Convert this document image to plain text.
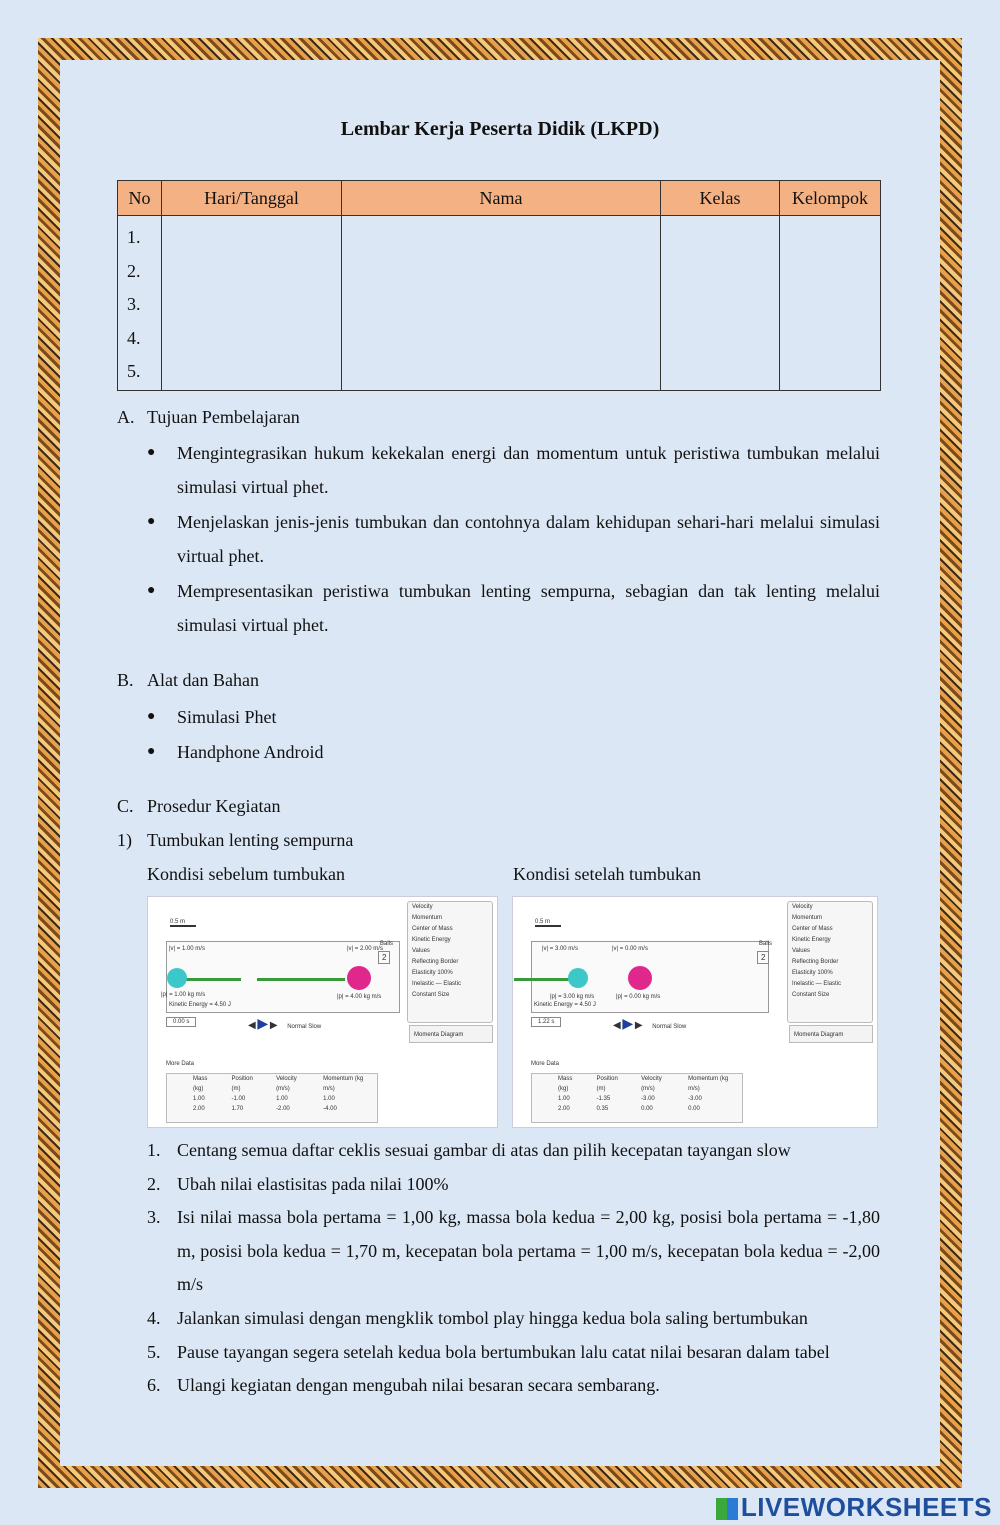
Lembar Kerja Peserta Didik (LKPD)
No	Hari/Tanggal	Nama	Kelas	Kelompok

1.
2.
3.
4.
5.				

A. Tujuan Pembelajaran
●	Mengintegrasikan hukum kekekalan energi dan momentum untuk peristiwa tumbukan melalui simulasi virtual phet.
●	Menjelaskan jenis-jenis tumbukan dan contohnya dalam kehidupan sehari-hari melalui simulasi virtual phet.
●	Mempresentasikan peristiwa tumbukan lenting sempurna, sebagian dan tak lenting melalui simulasi virtual phet.
B. Alat dan Bahan
●	Simulasi Phet
●	Handphone Android
C. Prosedur Kegiatan
1) Tumbukan lenting sempurna
Kondisi sebelum tumbukan	Kondisi setelah tumbukan
0.5 m
|v| = 1.00 m/s	|v| = 2.00 m/s
|p| = 1.00 kg m/s	|p| = 4.00 kg m/s
Kinetic Energy = 4.50 J
Balls
2
0.00 s	◀ ▶ ▶ Normal Slow
Velocity
Momentum
Center of Mass
Kinetic Energy
Values
Reflecting Border
Elasticity 100%
Inelastic — Elastic
Constant Size
Momenta Diagram
More Data
Mass (kg)	Position (m)	Velocity (m/s)	Momentum (kg m/s)
1.00	-1.00	1.00	1.00
2.00	1.70	-2.00	-4.00
0.5 m
|v| = 3.00 m/s	|v| = 0.00 m/s
|p| = 3.00 kg m/s	|p| = 0.00 kg m/s
Kinetic Energy = 4.50 J
Balls
2
1.22 s	◀ ▶ ▶ Normal Slow
Velocity
Momentum
Center of Mass
Kinetic Energy
Values
Reflecting Border
Elasticity 100%
Inelastic — Elastic
Constant Size
Momenta Diagram
More Data
Mass (kg)	Position (m)	Velocity (m/s)	Momentum (kg m/s)
1.00	-1.35	-3.00	-3.00
2.00	0.35	0.00	0.00
1. Centang semua daftar ceklis sesuai gambar di atas dan pilih kecepatan tayangan slow
2. Ubah nilai elastisitas pada nilai 100%
3. Isi nilai massa bola pertama = 1,00 kg, massa bola kedua = 2,00 kg, posisi bola pertama = -1,80 m, posisi bola kedua = 1,70 m, kecepatan bola pertama = 1,00 m/s, kecepatan bola kedua = -2,00 m/s
4. Jalankan simulasi dengan mengklik tombol play hingga kedua bola saling bertumbukan
5. Pause tayangan segera setelah kedua bola bertumbukan lalu catat nilai besaran dalam tabel
6. Ulangi kegiatan dengan mengubah nilai besaran secara sembarang.
LIVEWORKSHEETS
